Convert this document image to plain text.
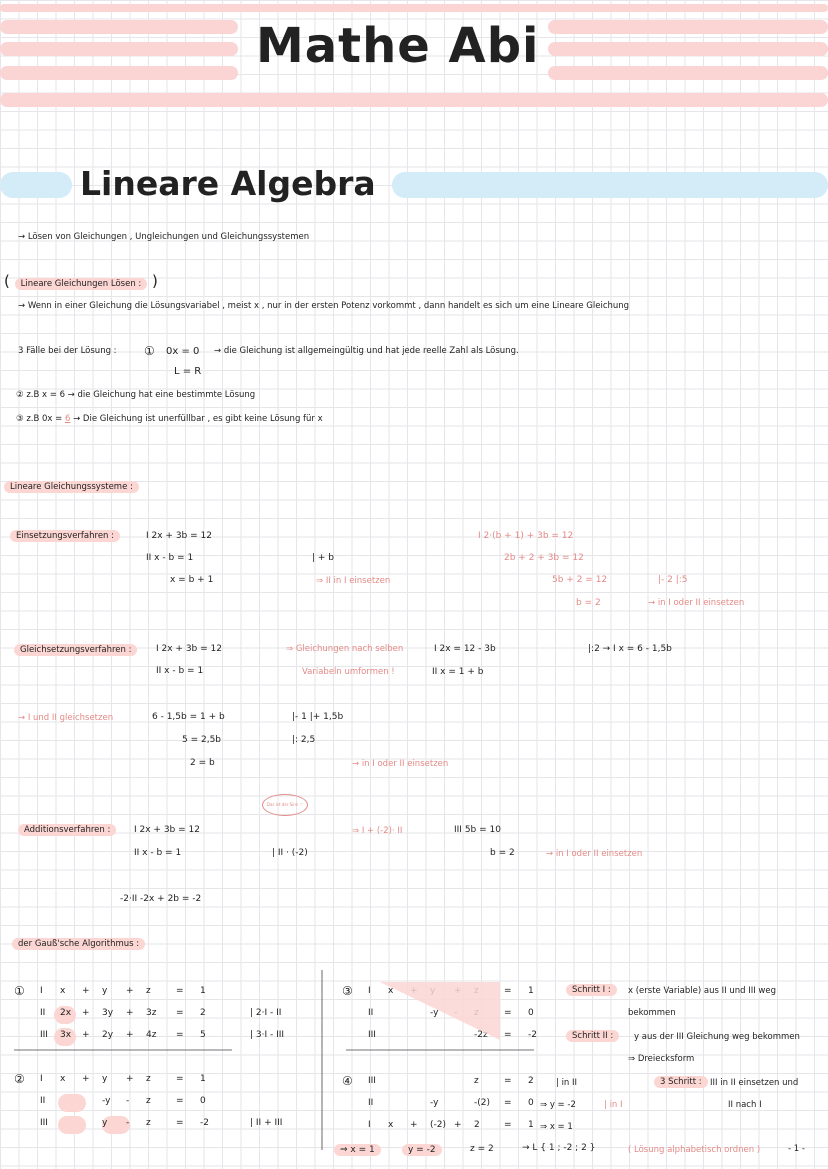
Mathe Abi
Lineare Algebra
→ Lösen von Gleichungen , Ungleichungen und Gleichungssystemen
( Lineare Gleichungen Lösen : )
→ Wenn in einer Gleichung die Lösungsvariabel , meist x , nur in der ersten Potenz vorkommt , dann handelt es sich um eine Lineare Gleichung
3 Fälle bei der Lösung : ① 0x = 0 → die Gleichung ist allgemeingültig und hat jede reelle Zahl als Lösung.
L = R
② z.B x = 6 → die Gleichung hat eine bestimmte Lösung
③ z.B 0x = 6 → Die Gleichung ist unerfüllbar , es gibt keine Lösung für x
Lineare Gleichungssysteme :
Einsetzungsverfahren :	I 2x + 3b = 12
II x - b = 1	| + b
x = b + 1	⇒ II in I einsetzen
I 2·(b + 1) + 3b = 12
2b + 2 + 3b = 12
5b + 2 = 12	|- 2 |:5
b = 2	→ in I oder II einsetzen
Gleichsetzungsverfahren :	I 2x + 3b = 12
II x - b = 1
⇒ Gleichungen nach selben
Variabeln umformen !
I 2x = 12 - 3b	|:2 → I x = 6 - 1,5b
II x = 1 + b
→ I und II gleichsetzen	6 - 1,5b = 1 + b	|- 1 |+ 1,5b
5 = 2,5b	|: 2,5
2 = b	→ in I oder II einsetzen
Das ist der Sinn ♡
Additionsverfahren :	I 2x + 3b = 12
II x - b = 1	| II · (-2)
-2·II -2x + 2b = -2
⇒ I + (-2)· II	III 5b = 10
b = 2	→ in I oder II einsetzen
der Gauß'sche Algorithmus :
① I x + y + z	= 1
II 2x + 3y + 3z = 2	| 2·I - II
III 3x + 2y + 4z = 5	| 3·I - III
② I x + y + z	= 1
II	-y - z	= 0
III	y - z	= -2	| II + III
③ I x	= 1
II	-y	= 0
III	-2z = -2
④ III	z	= 2
II	-y	-(2) = 0
I x + (-2) + 2	= 1
| in II
⇒ y = -2	| in I
⇒ x = 1
Schritt I :	x (erste Variable) aus II und III weg
bekommen
Schritt II :	y aus der III Gleichung weg bekommen
⇒ Dreiecksform
3 Schritt : III in II einsetzen und
II nach I
⇒ x = 1	y = -2	z = 2	→ L { 1 ; -2 ; 2 }	( Lösung alphabetisch ordnen )	- 1 -
